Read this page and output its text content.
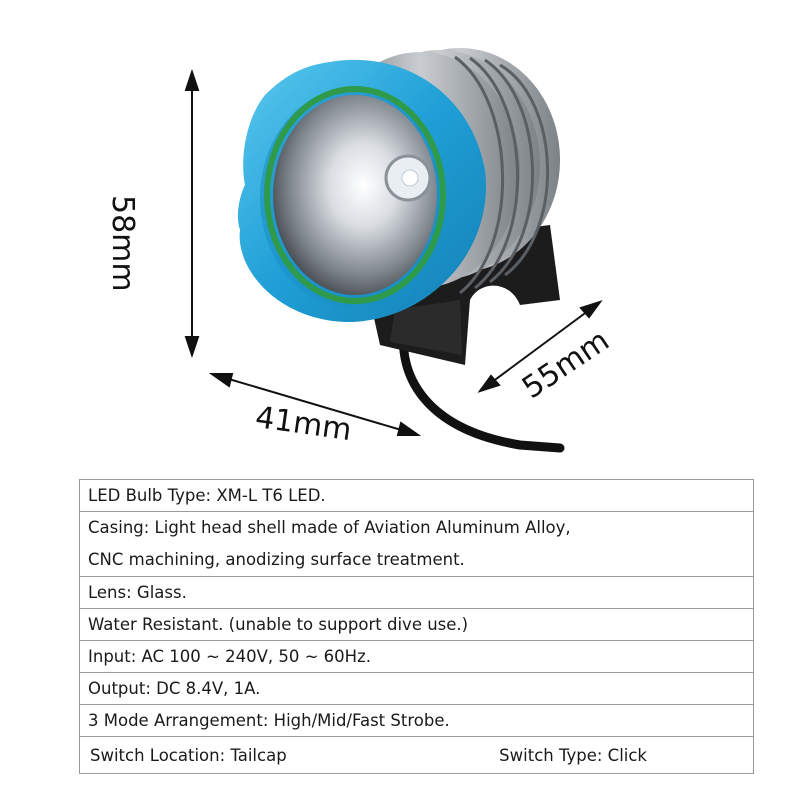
58mm
41mm
55mm
LED Bulb Type: XM-L T6 LED.

Casing: Light head shell made of Aviation Aluminum Alloy,
CNC machining, anodizing surface treatment.

Lens: Glass.
Water Resistant. (unable to support dive use.)
Input: AC 100 ~ 240V, 50 ~ 60Hz.
Output: DC 8.4V, 1A.
3 Mode Arrangement: High/Mid/Fast Strobe.

Switch Location: Tailcap	Switch Type: Click
